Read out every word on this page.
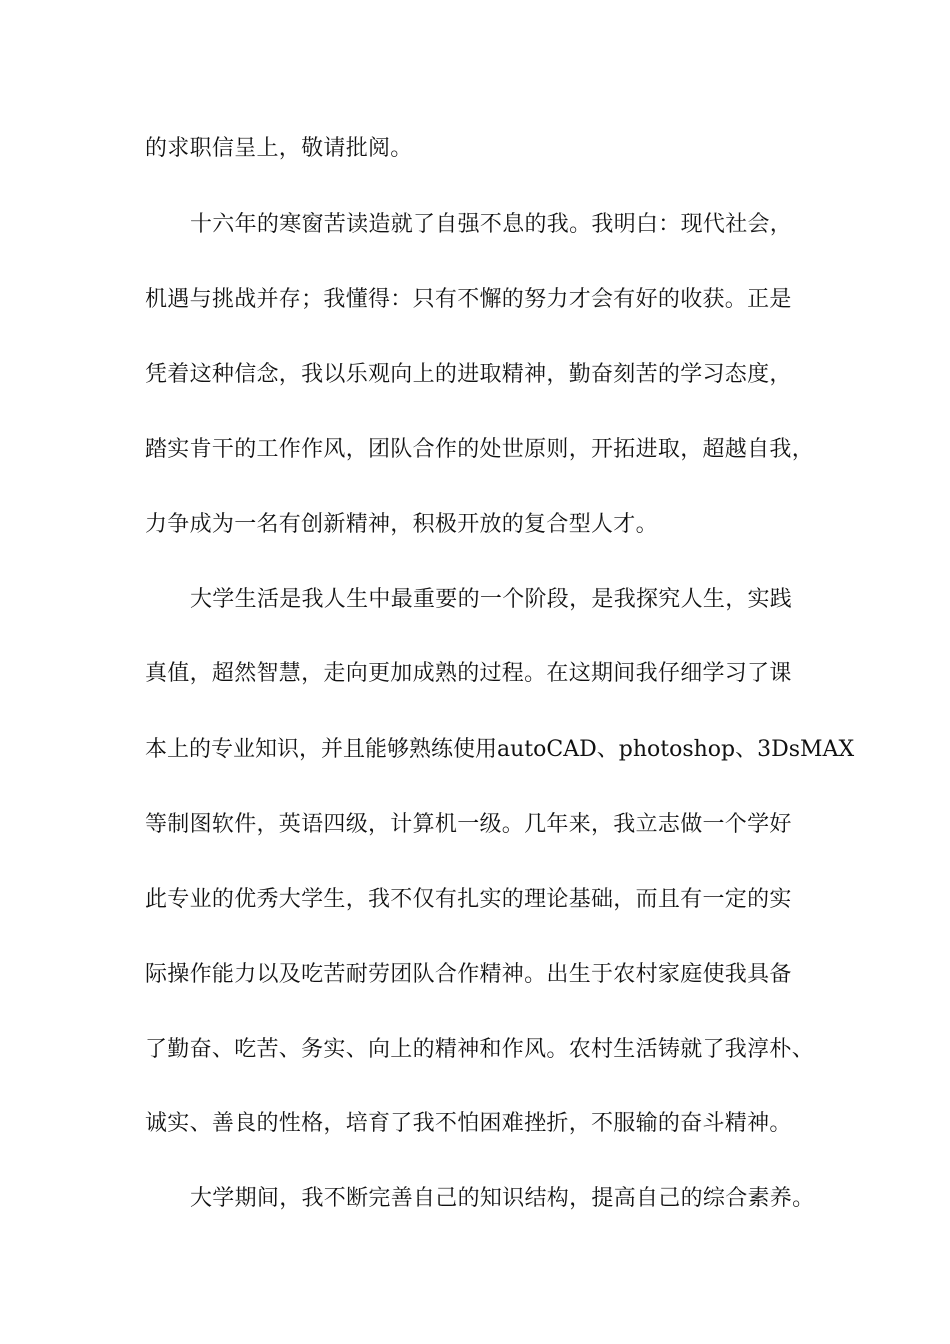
的求职信呈上，敬请批阅。
十六年的寒窗苦读造就了自强不息的我。我明白：现代社会，
机遇与挑战并存；我懂得：只有不懈的努力才会有好的收获。正是
凭着这种信念，我以乐观向上的进取精神，勤奋刻苦的学习态度，
踏实肯干的工作作风，团队合作的处世原则，开拓进取，超越自我，
力争成为一名有创新精神，积极开放的复合型人才。
大学生活是我人生中最重要的一个阶段，是我探究人生，实践
真值，超然智慧，走向更加成熟的过程。在这期间我仔细学习了课
本上的专业知识，并且能够熟练使用autoCAD、photoshop、3DsMAX
等制图软件，英语四级，计算机一级。几年来，我立志做一个学好
此专业的优秀大学生，我不仅有扎实的理论基础，而且有一定的实
际操作能力以及吃苦耐劳团队合作精神。出生于农村家庭使我具备
了勤奋、吃苦、务实、向上的精神和作风。农村生活铸就了我淳朴、
诚实、善良的性格，培育了我不怕困难挫折，不服输的奋斗精神。
大学期间，我不断完善自己的知识结构，提高自己的综合素养。
